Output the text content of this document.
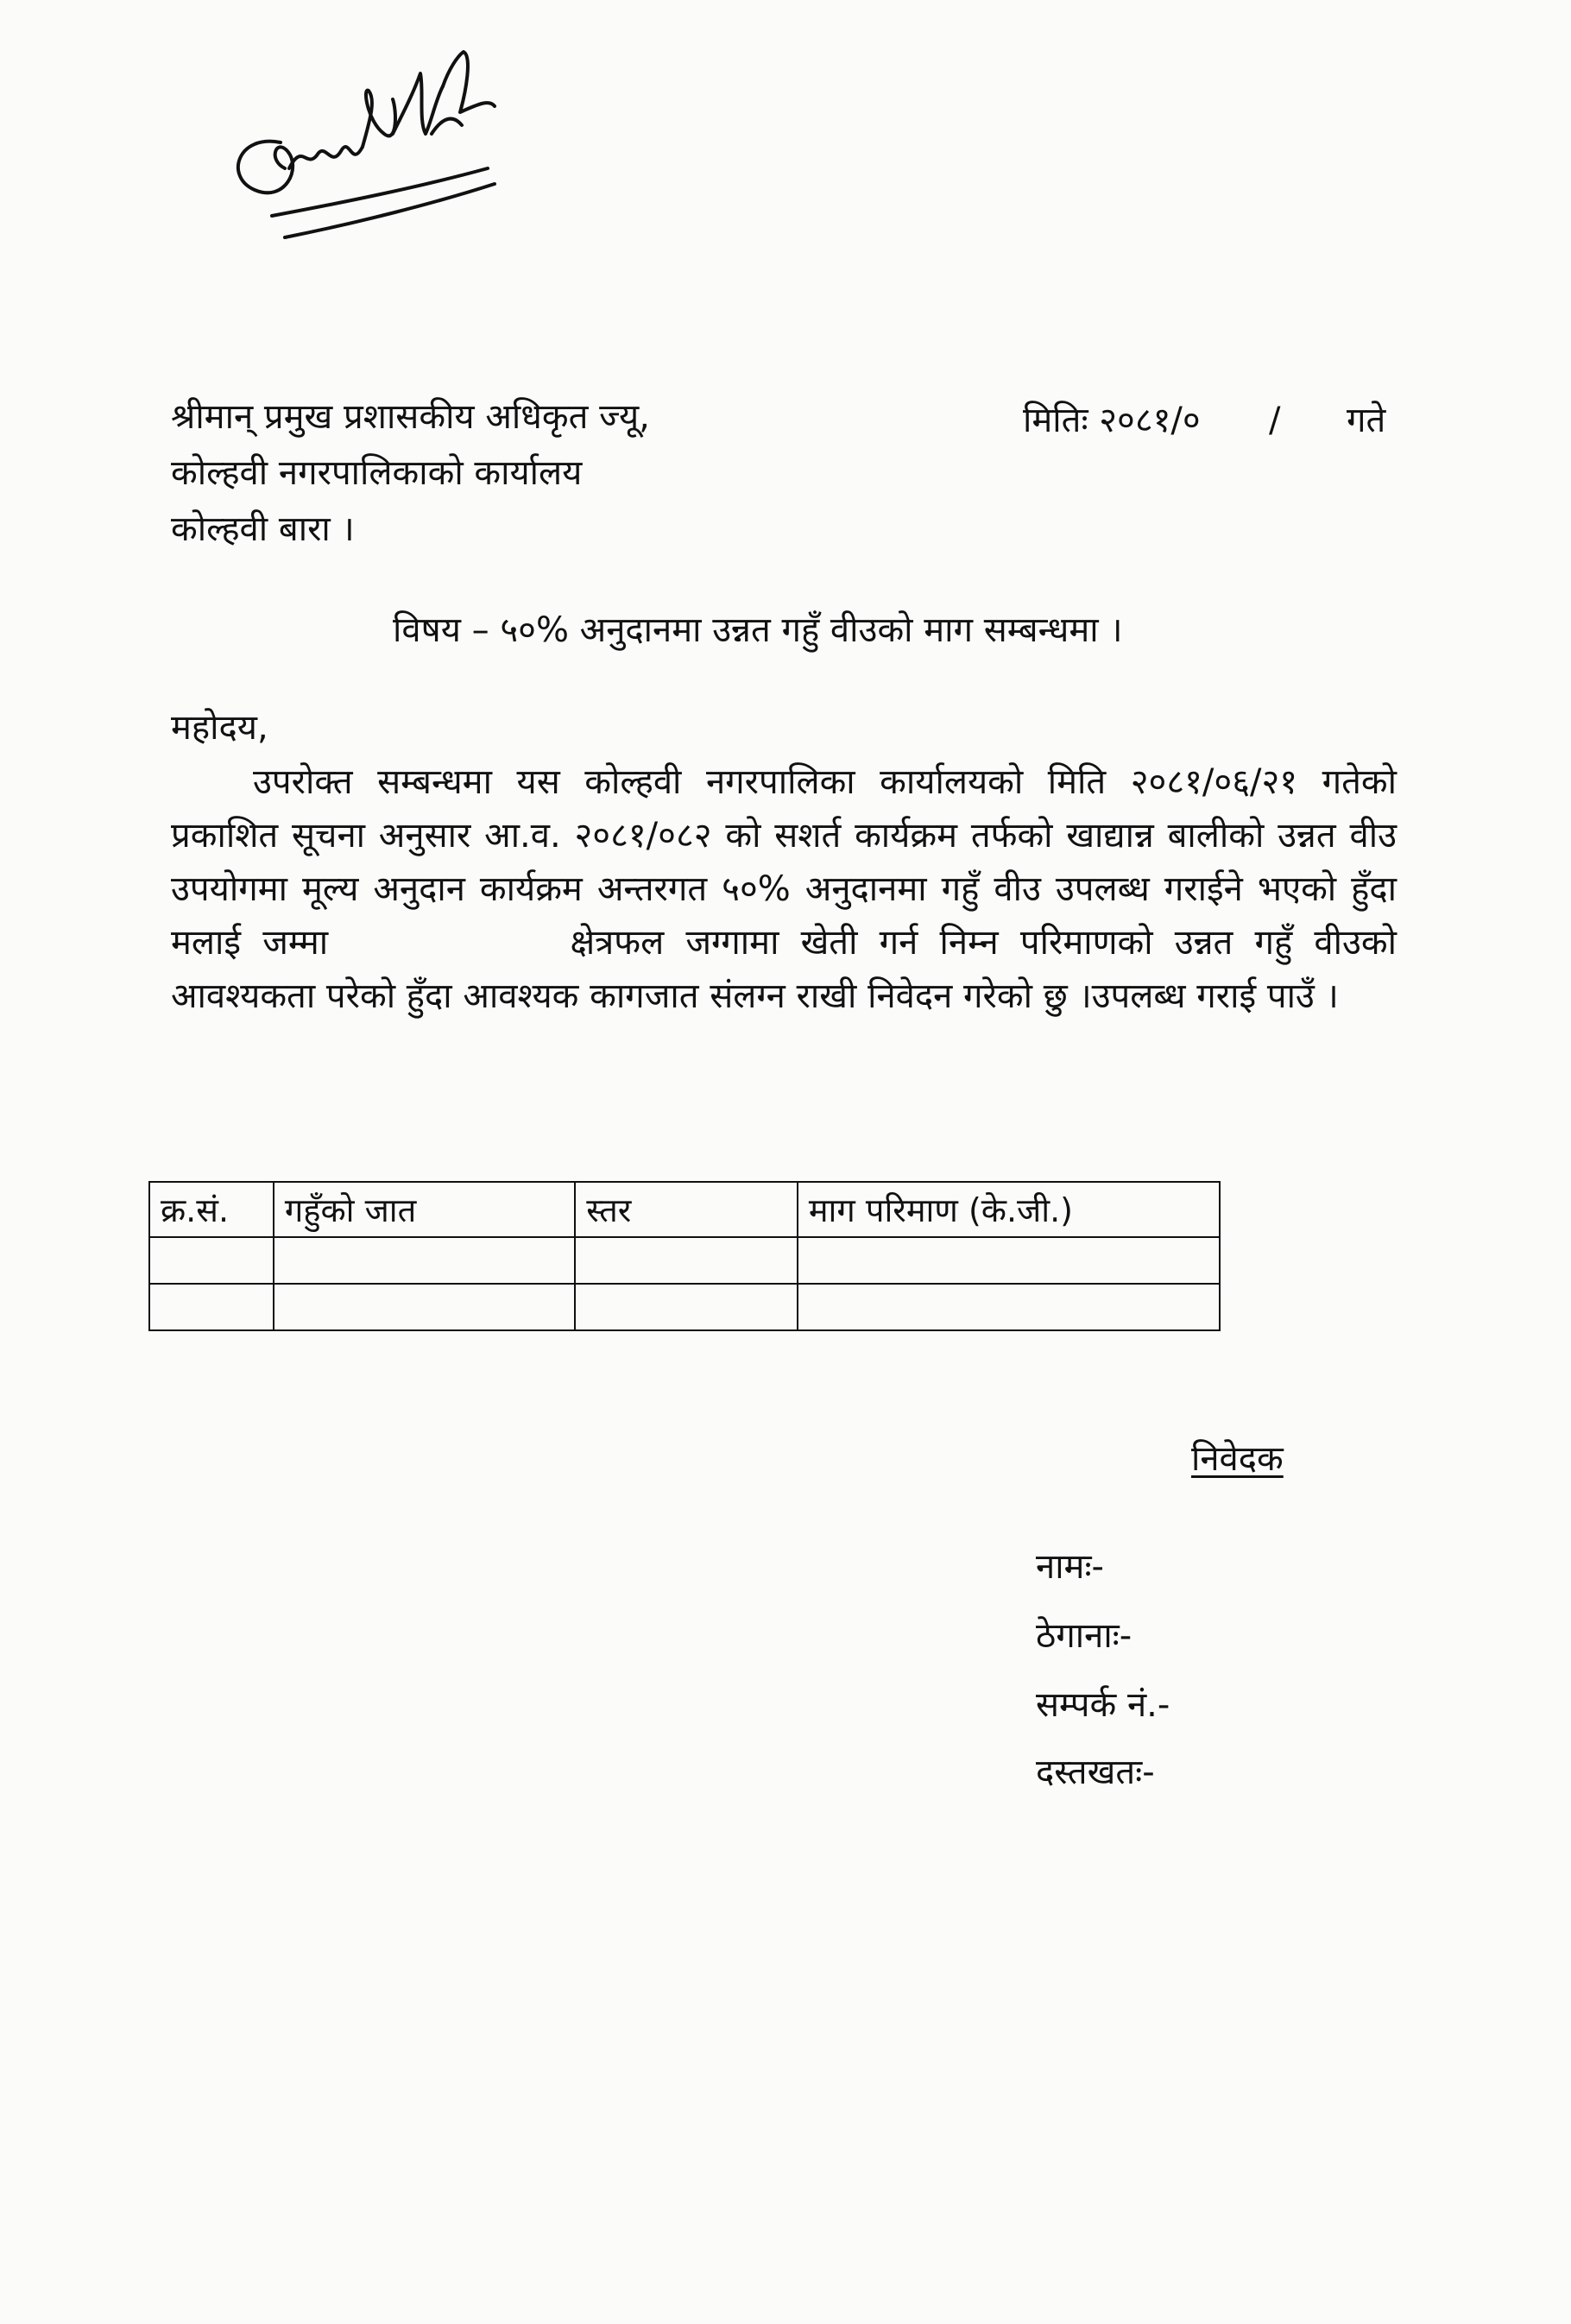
श्रीमान् प्रमुख प्रशासकीय अधिकृत ज्यू,
कोल्हवी नगरपालिकाको कार्यालय
कोल्हवी बारा ।
मितिः २०८१/० / गते
विषय – ५०% अनुदानमा उन्नत गहुँ वीउको माग सम्बन्धमा ।
महोदय,
उपरोक्त सम्बन्धमा यस कोल्हवी नगरपालिका कार्यालयको मिति २०८१/०६/२१ गतेको प्रकाशित सूचना अनुसार आ.व. २०८१/०८२ को सशर्त कार्यक्रम तर्फको खाद्यान्न बालीको उन्नत वीउ उपयोगमा मूल्य अनुदान कार्यक्रम अन्तरगत ५०% अनुदानमा गहुँ वीउ उपलब्ध गराईने भएको हुँदा मलाई जम्मा	क्षेत्रफल जग्गामा खेती गर्न निम्न परिमाणको उन्नत गहुँ वीउको आवश्यकता परेको हुँदा आवश्यक कागजात संलग्न राखी निवेदन गरेको छु ।उपलब्ध गराई पाउँ ।
क्र.सं.	गहुँको जात	स्तर	माग परिमाण (के.जी.)

निवेदक
नामः-
ठेगानाः-
सम्पर्क नं.-
दस्तखतः-
